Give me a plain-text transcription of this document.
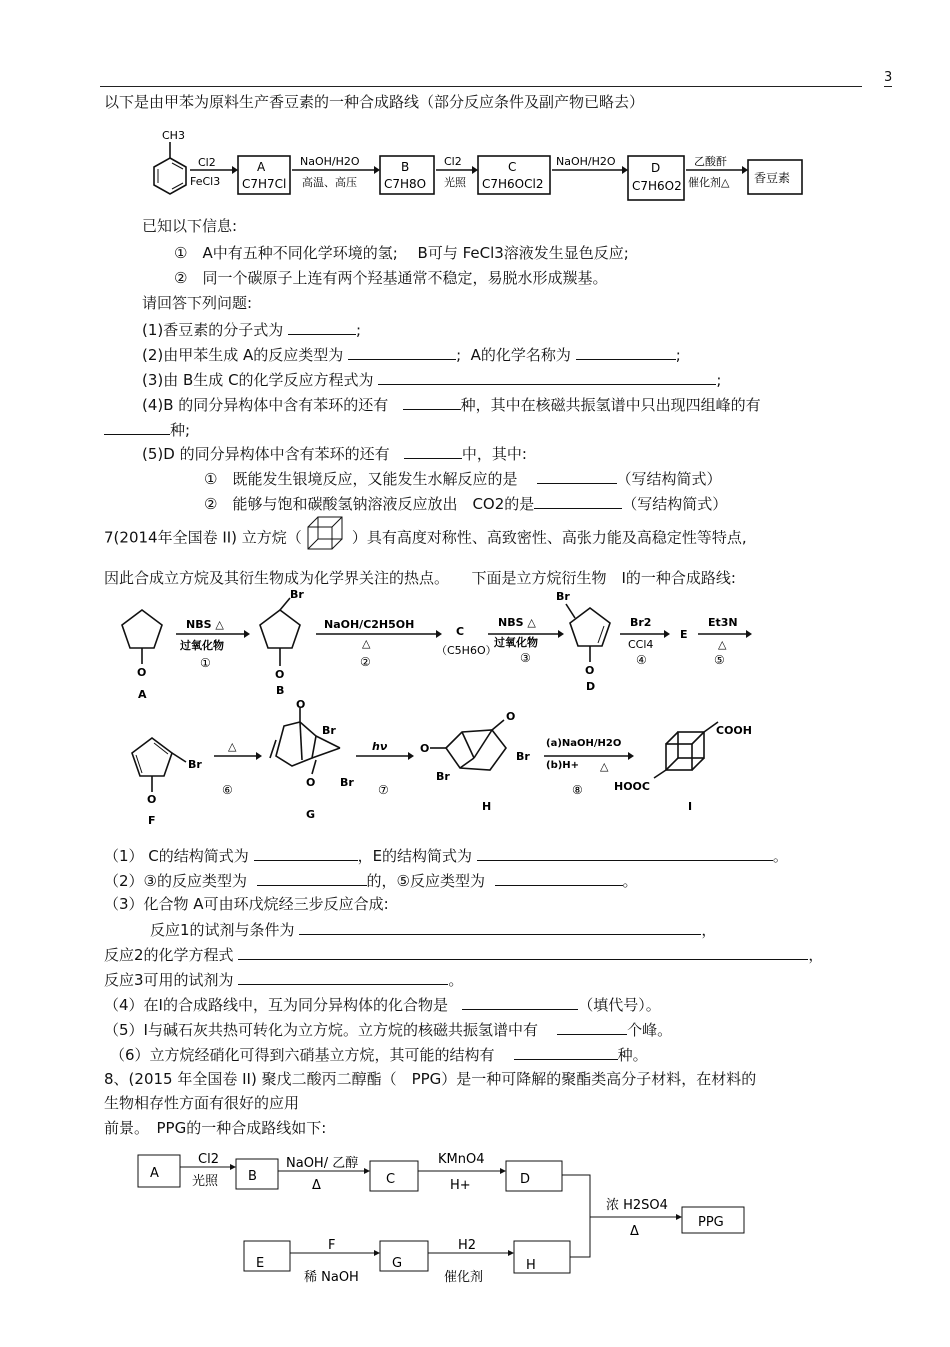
3
以下是由甲苯为原料生产香豆素的一种合成路线（部分反应条件及副产物已略去）
CH3
Cl2
FeCl3
A
C7H7Cl
NaOH/H2O
高温、高压
B
C7H8O
Cl2
光照
C
C7H6OCl2
NaOH/H2O	D
C7H6O2
乙酸酐
催化剂△ 香豆素
已知以下信息:
①　A中有五种不同化学环境的氢;　 B可与 FeCl3溶液发生显色反应;
②　同一个碳原子上连有两个羟基通常不稳定，易脱水形成羰基。
请回答下列问题:
(1)香豆素的分子式为	;
(2)由甲苯生成 A的反应类型为	;  A的化学名称为	;
(3)由 B生成 C的化学反应方程式为	;
(4)B 的同分异构体中含有苯环的还有	种，其中在核磁共振氢谱中只出现四组峰的有
种;
(5)D 的同分异构体中含有苯环的还有	中，其中:
①　既能发生银境反应，又能发生水解反应的是	（写结构简式）
②　能够与饱和碳酸氢钠溶液反应放出　CO2的是	（写结构简式）
7(2014年全国卷 II) 立方烷（	）具有高度对称性、高致密性、高张力能及高稳定性等特点,
因此合成立方烷及其衍生物成为化学界关注的热点。　　下面是立方烷衍生物　I的一种合成路线:
O
A
NBS △
过氧化物
①
Br
O
B
NaOH/C2H5OH
△
②
C
（C5H6O）
NBS △
过氧化物
③
Br
O
D
Br2
CCl4
④
E
Et3N
△
⑤
Br
O
F
△
⑥
O
Br
Br
O
G
hν
⑦
O
O
Br
Br
H
(a)NaOH/H2O
(b)H+ △
⑧
COOH
HOOC
I
（1） C的结构简式为	，E的结构简式为	。
（2）③的反应类型为	的，⑤反应类型为	。
（3）化合物 A可由环戊烷经三步反应合成:
反应1的试剂与条件为	，
反应2的化学方程式	，
反应3可用的试剂为	。
（4）在Ⅰ的合成路线中，互为同分异构体的化合物是	（填代号）。
（5）Ⅰ与碱石灰共热可转化为立方烷。立方烷的核磁共振氢谱中有	个峰。
（6）立方烷经硝化可得到六硝基立方烷，其可能的结构有	种。
8、(2015 年全国卷 II) 聚戊二酸丙二醇酯（　PPG）是一种可降解的聚酯类高分子材料，在材料的
生物相存性方面有很好的应用
前景。　PPG的一种合成路线如下:
A
Cl2
光照 B
NaOH/ 乙醇
Δ	C
KMnO4
H+	D
E
F
稀 NaOH
G
H2
催化剂
H
浓 H2SO4
Δ
PPG
